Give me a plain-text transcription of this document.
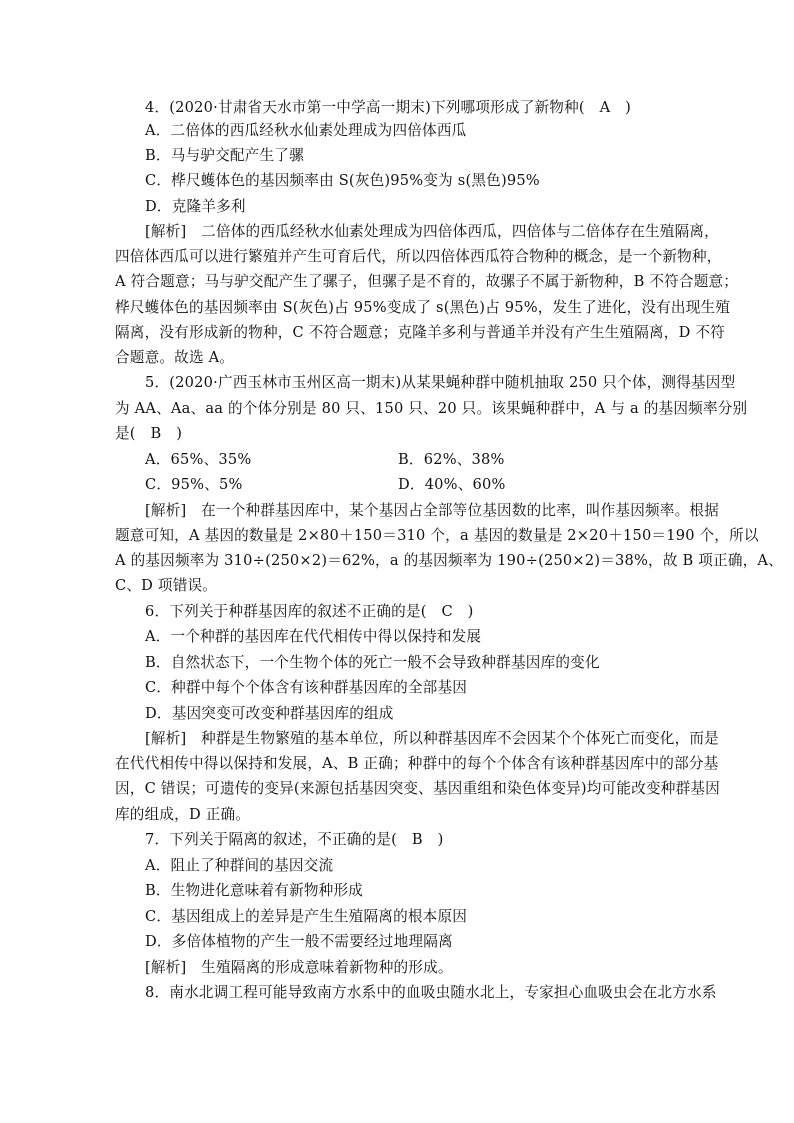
4．(2020·甘肃省天水市第一中学高一期末)下列哪项形成了新物种(　A　)
A．二倍体的西瓜经秋水仙素处理成为四倍体西瓜
B．马与驴交配产生了骡
C．桦尺蠖体色的基因频率由 S(灰色)95%变为 s(黑色)95%
D．克隆羊多利
[解析]　二倍体的西瓜经秋水仙素处理成为四倍体西瓜，四倍体与二倍体存在生殖隔离，
四倍体西瓜可以进行繁殖并产生可育后代，所以四倍体西瓜符合物种的概念，是一个新物种，
A 符合题意；马与驴交配产生了骡子，但骡子是不育的，故骡子不属于新物种，B 不符合题意；
桦尺蠖体色的基因频率由 S(灰色)占 95%变成了 s(黑色)占 95%，发生了进化，没有出现生殖
隔离，没有形成新的物种，C 不符合题意；克隆羊多利与普通羊并没有产生生殖隔离，D 不符
合题意。故选 A。
5．(2020·广西玉林市玉州区高一期末)从某果蝇种群中随机抽取 250 只个体，测得基因型
为 AA、Aa、aa 的个体分别是 80 只、150 只、20 只。该果蝇种群中，A 与 a 的基因频率分别
是(　B　)
A．65%、35%	B．62%、38%
C．95%、5%	D．40%、60%
[解析]　在一个种群基因库中，某个基因占全部等位基因数的比率，叫作基因频率。根据
题意可知，A 基因的数量是 2×80＋150＝310 个，a 基因的数量是 2×20＋150＝190 个，所以
A 的基因频率为 310÷(250×2)＝62%，a 的基因频率为 190÷(250×2)＝38%，故 B 项正确，A、
C、D 项错误。
6．下列关于种群基因库的叙述不正确的是(　C　)
A．一个种群的基因库在代代相传中得以保持和发展
B．自然状态下，一个生物个体的死亡一般不会导致种群基因库的变化
C．种群中每个个体含有该种群基因库的全部基因
D．基因突变可改变种群基因库的组成
[解析]　种群是生物繁殖的基本单位，所以种群基因库不会因某个个体死亡而变化，而是
在代代相传中得以保持和发展，A、B 正确；种群中的每个个体含有该种群基因库中的部分基
因，C 错误；可遗传的变异(来源包括基因突变、基因重组和染色体变异)均可能改变种群基因
库的组成，D 正确。
7．下列关于隔离的叙述，不正确的是(　B　)
A．阻止了种群间的基因交流
B．生物进化意味着有新物种形成
C．基因组成上的差异是产生生殖隔离的根本原因
D．多倍体植物的产生一般不需要经过地理隔离
[解析]　生殖隔离的形成意味着新物种的形成。
8．南水北调工程可能导致南方水系中的血吸虫随水北上，专家担心血吸虫会在北方水系
